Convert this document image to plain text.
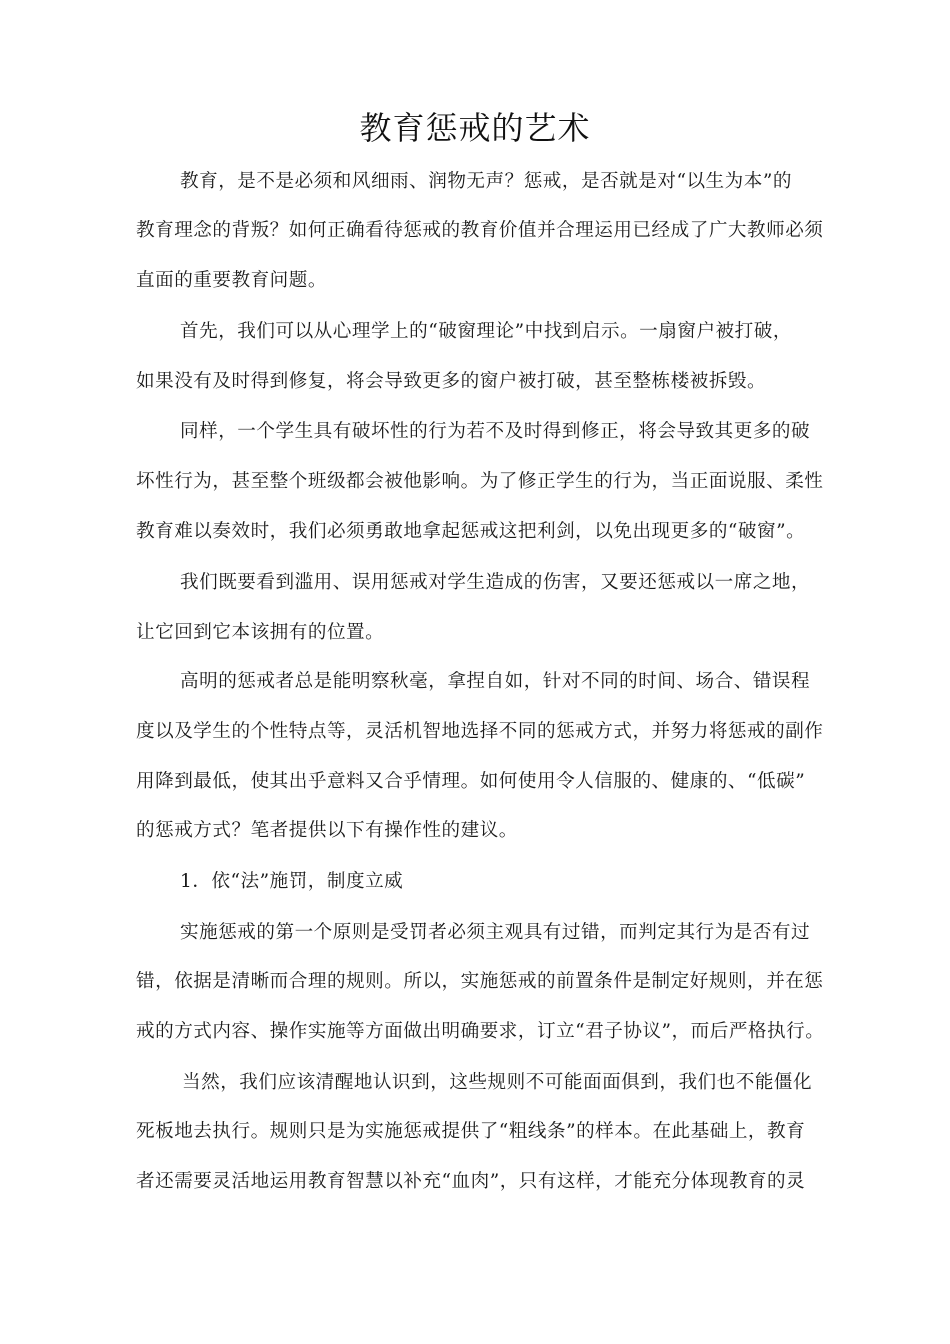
教育惩戒的艺术
教育，是不是必须和风细雨、润物无声？惩戒，是否就是对“以生为本”的
教育理念的背叛？如何正确看待惩戒的教育价值并合理运用已经成了广大教师必须
直面的重要教育问题。
首先，我们可以从心理学上的“破窗理论”中找到启示。一扇窗户被打破，
如果没有及时得到修复，将会导致更多的窗户被打破，甚至整栋楼被拆毁。
同样，一个学生具有破坏性的行为若不及时得到修正，将会导致其更多的破
坏性行为，甚至整个班级都会被他影响。为了修正学生的行为，当正面说服、柔性
教育难以奏效时，我们必须勇敢地拿起惩戒这把利剑，以免出现更多的“破窗”。
我们既要看到滥用、误用惩戒对学生造成的伤害，又要还惩戒以一席之地，
让它回到它本该拥有的位置。
高明的惩戒者总是能明察秋毫，拿捏自如，针对不同的时间、场合、错误程
度以及学生的个性特点等，灵活机智地选择不同的惩戒方式，并努力将惩戒的副作
用降到最低，使其出乎意料又合乎情理。如何使用令人信服的、健康的、“低碳”
的惩戒方式？笔者提供以下有操作性的建议。
1．依“法”施罚，制度立威
实施惩戒的第一个原则是受罚者必须主观具有过错，而判定其行为是否有过
错，依据是清晰而合理的规则。所以，实施惩戒的前置条件是制定好规则，并在惩
戒的方式内容、操作实施等方面做出明确要求，订立“君子协议”，而后严格执行。
当然，我们应该清醒地认识到，这些规则不可能面面俱到，我们也不能僵化
死板地去执行。规则只是为实施惩戒提供了“粗线条”的样本。在此基础上，教育
者还需要灵活地运用教育智慧以补充“血肉”，只有这样，才能充分体现教育的灵
